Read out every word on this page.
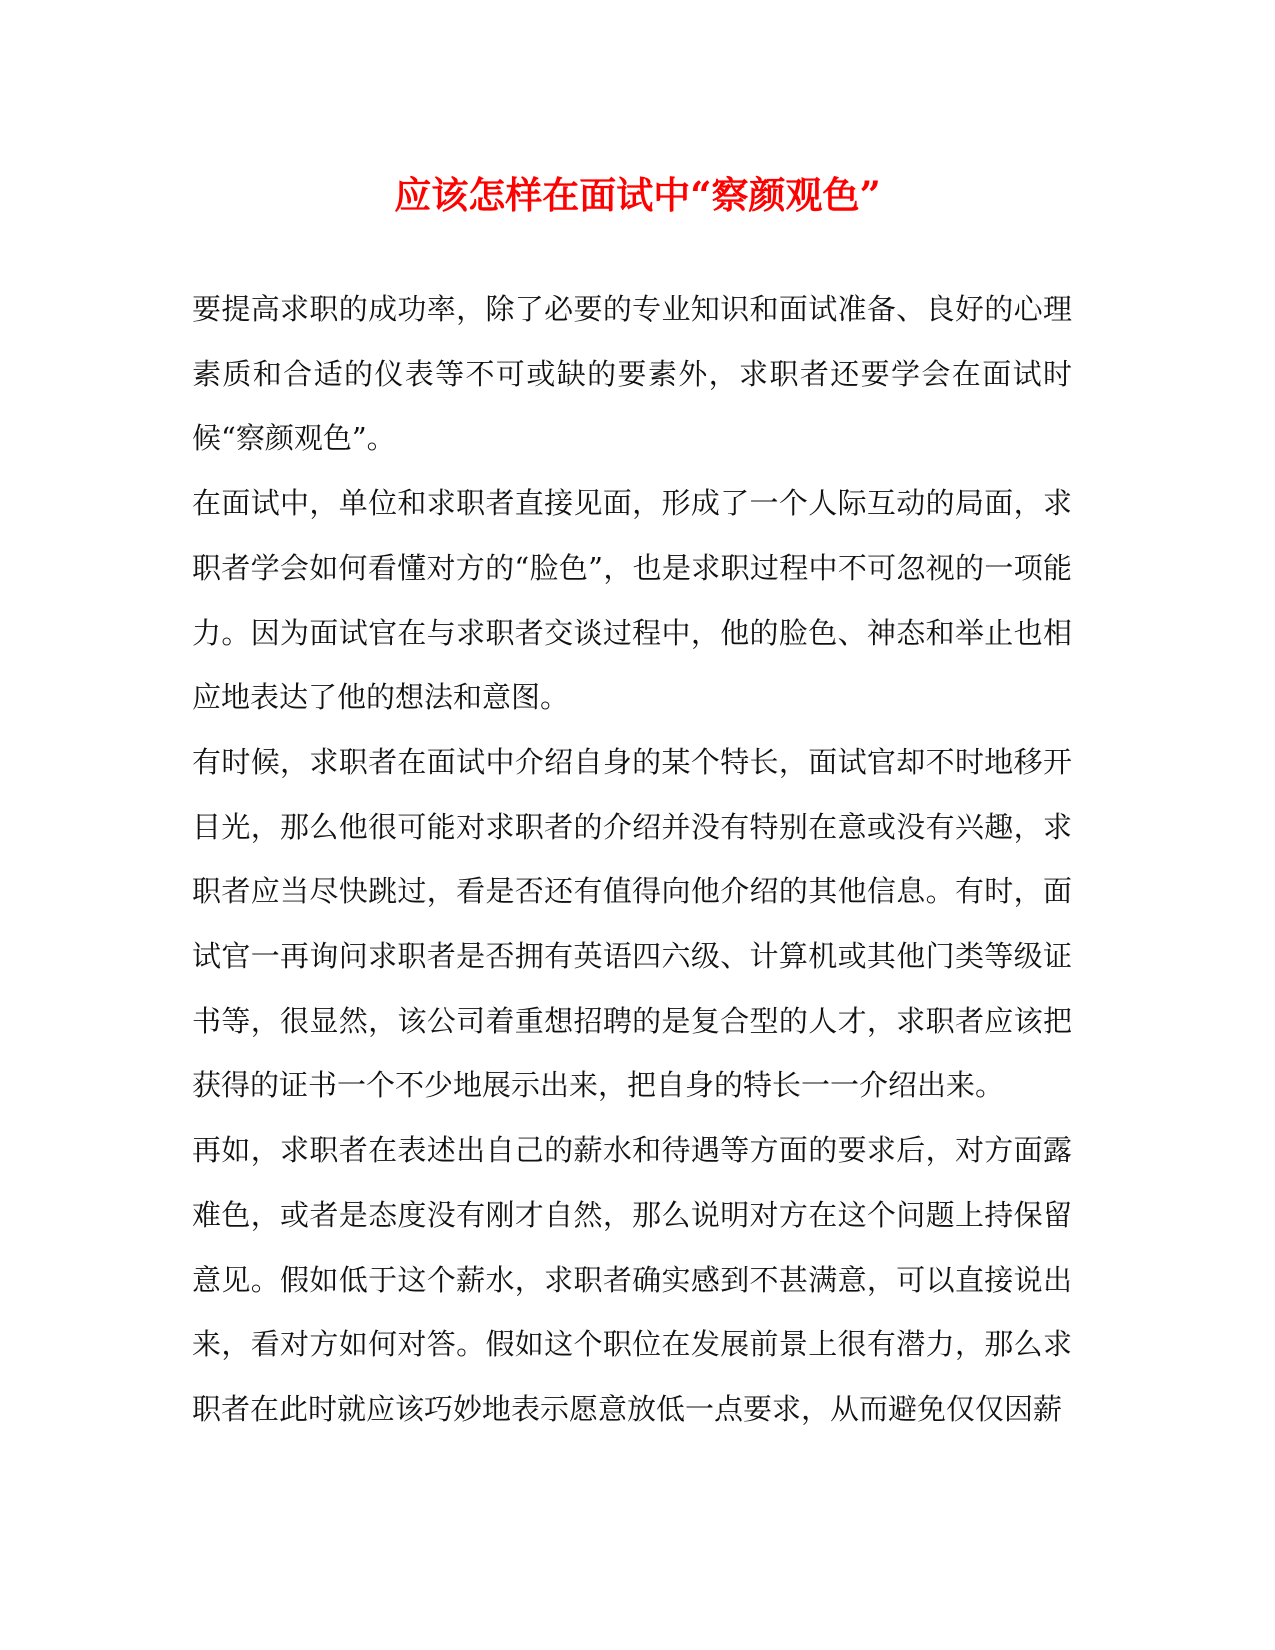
应该怎样在面试中“察颜观色”

要提高求职的成功率，除了必要的专业知识和面试准备、良好的心理素质和合适的仪表等不可或缺的要素外，求职者还要学会在面试时候“察颜观色”。

在面试中，单位和求职者直接见面，形成了一个人际互动的局面，求职者学会如何看懂对方的“脸色”，也是求职过程中不可忽视的一项能力。因为面试官在与求职者交谈过程中，他的脸色、神态和举止也相应地表达了他的想法和意图。

有时候，求职者在面试中介绍自身的某个特长，面试官却不时地移开目光，那么他很可能对求职者的介绍并没有特别在意或没有兴趣，求职者应当尽快跳过，看是否还有值得向他介绍的其他信息。有时，面试官一再询问求职者是否拥有英语四六级、计算机或其他门类等级证书等，很显然，该公司着重想招聘的是复合型的人才，求职者应该把获得的证书一个不少地展示出来，把自身的特长一一介绍出来。

再如，求职者在表述出自己的薪水和待遇等方面的要求后，对方面露难色，或者是态度没有刚才自然，那么说明对方在这个问题上持保留意见。假如低于这个薪水，求职者确实感到不甚满意，可以直接说出来，看对方如何对答。假如这个职位在发展前景上很有潜力，那么求职者在此时就应该巧妙地表示愿意放低一点要求，从而避免仅仅因薪
